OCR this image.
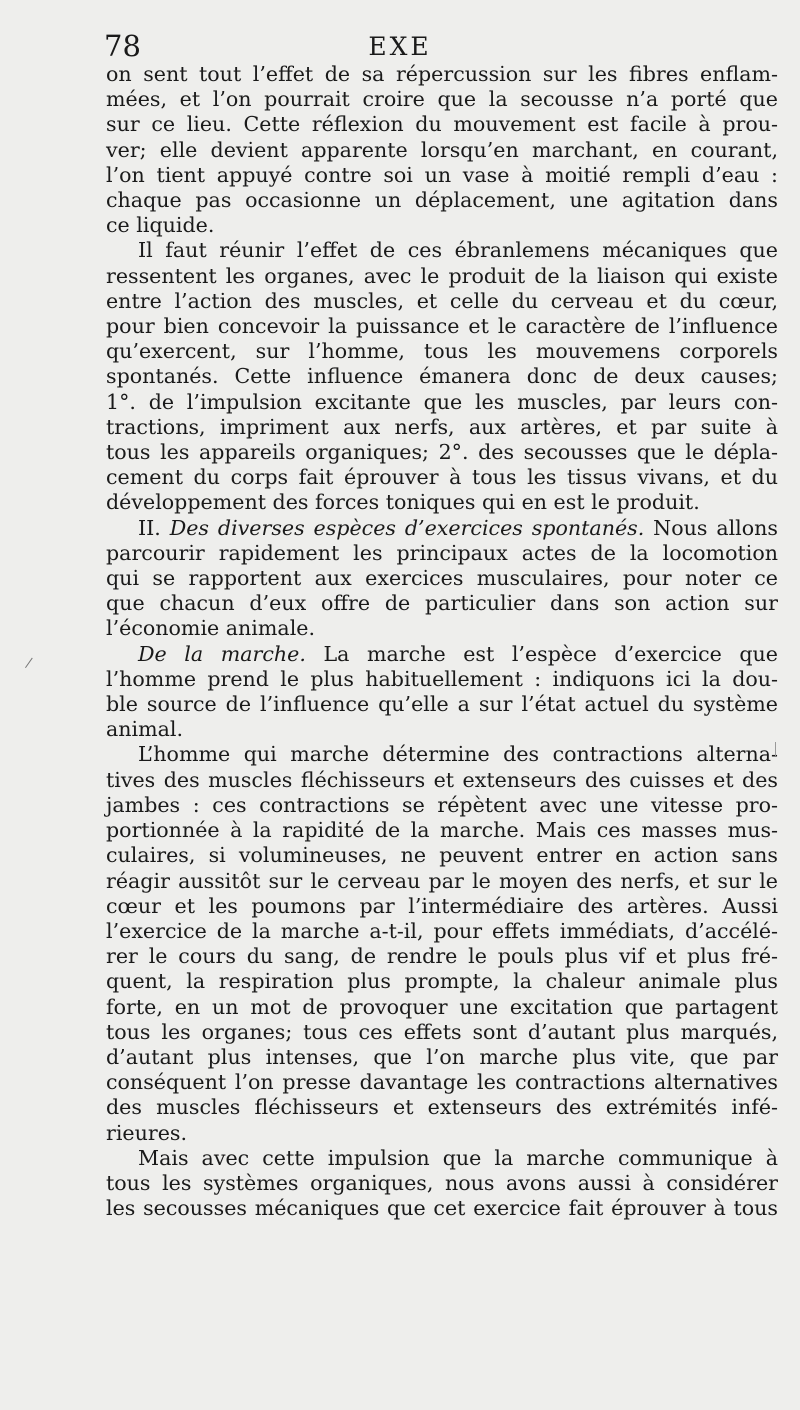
78	EXE

on sent tout l’effet de sa répercussion sur les fibres enflam-
mées, et l’on pourrait croire que la secousse n’a porté que
sur ce lieu. Cette réflexion du mouvement est facile à prou-
ver; elle devient apparente lorsqu’en marchant, en courant,
l’on tient appuyé contre soi un vase à moitié rempli d’eau :
chaque pas occasionne un déplacement, une agitation dans
ce liquide.

Il faut réunir l’effet de ces ébranlemens mécaniques que
ressentent les organes, avec le produit de la liaison qui existe
entre l’action des muscles, et celle du cerveau et du cœur,
pour bien concevoir la puissance et le caractère de l’influence
qu’exercent, sur l’homme, tous les mouvemens corporels
spontanés. Cette influence émanera donc de deux causes;
1°. de l’impulsion excitante que les muscles, par leurs con-
tractions, impriment aux nerfs, aux artères, et par suite à
tous les appareils organiques; 2°. des secousses que le dépla-
cement du corps fait éprouver à tous les tissus vivans, et du
développement des forces toniques qui en est le produit.

II. Des diverses espèces d’exercices spontanés. Nous allons
parcourir rapidement les principaux actes de la locomotion
qui se rapportent aux exercices musculaires, pour noter ce
que chacun d’eux offre de particulier dans son action sur
l’économie animale.

De la marche. La marche est l’espèce d’exercice que
l’homme prend le plus habituellement : indiquons ici la dou-
ble source de l’influence qu’elle a sur l’état actuel du système
animal.

L’homme qui marche détermine des contractions alterna-
tives des muscles fléchisseurs et extenseurs des cuisses et des
jambes : ces contractions se répètent avec une vitesse pro-
portionnée à la rapidité de la marche. Mais ces masses mus-
culaires, si volumineuses, ne peuvent entrer en action sans
réagir aussitôt sur le cerveau par le moyen des nerfs, et sur le
cœur et les poumons par l’intermédiaire des artères. Aussi
l’exercice de la marche a-t-il, pour effets immédiats, d’accélé-
rer le cours du sang, de rendre le pouls plus vif et plus fré-
quent, la respiration plus prompte, la chaleur animale plus
forte, en un mot de provoquer une excitation que partagent
tous les organes; tous ces effets sont d’autant plus marqués,
d’autant plus intenses, que l’on marche plus vite, que par
conséquent l’on presse davantage les contractions alternatives
des muscles fléchisseurs et extenseurs des extrémités infé-
rieures.

Mais avec cette impulsion que la marche communique à
tous les systèmes organiques, nous avons aussi à considérer
les secousses mécaniques que cet exercice fait éprouver à tous
